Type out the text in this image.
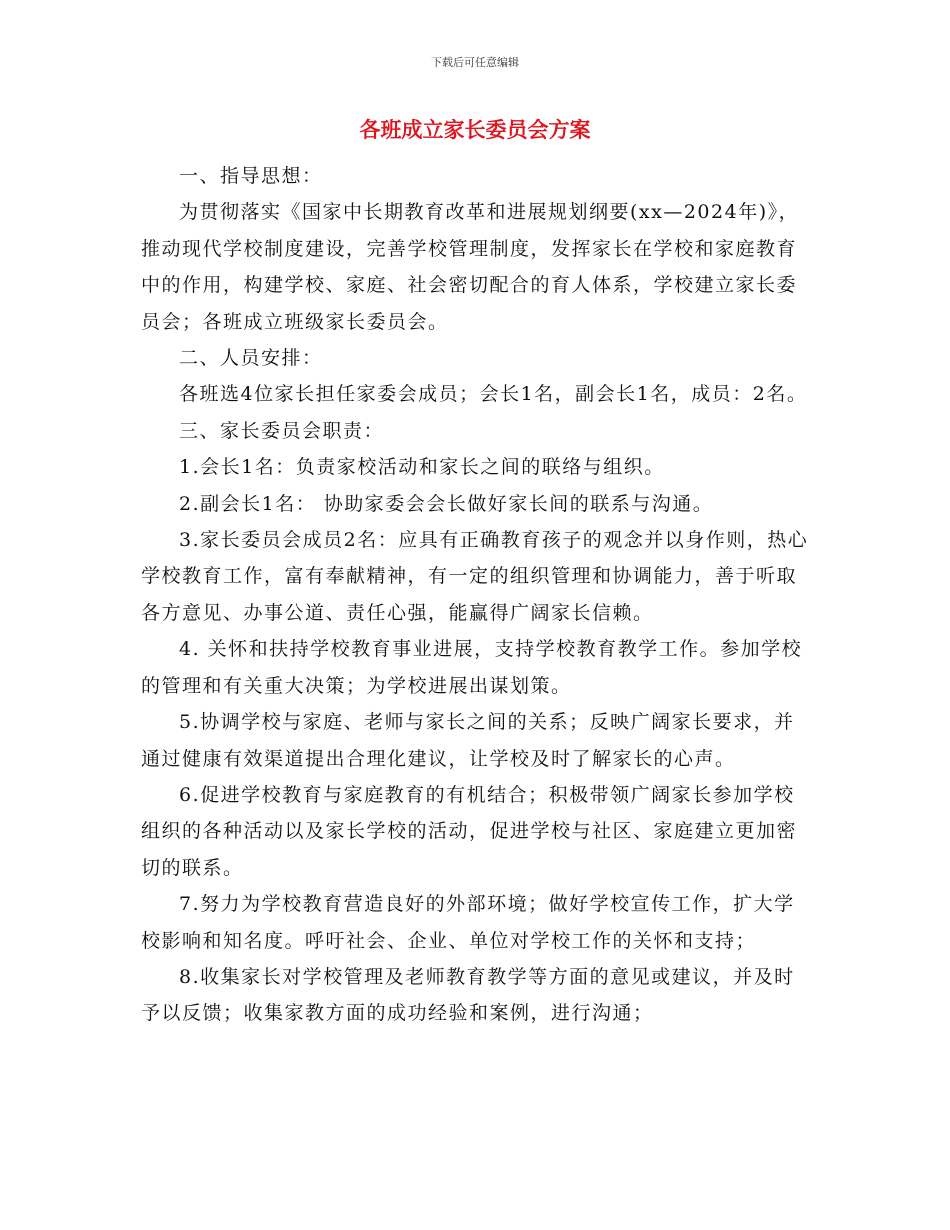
下载后可任意编辑
各班成立家长委员会方案

一、指导思想：

为贯彻落实《国家中长期教育改革和进展规划纲要(xx—2024年)》，推动现代学校制度建设，完善学校管理制度，发挥家长在学校和家庭教育中的作用，构建学校、家庭、社会密切配合的育人体系，学校建立家长委员会；各班成立班级家长委员会。

二、人员安排：

各班选4位家长担任家委会成员；会长1名，副会长1名，成员：2名。

三、家长委员会职责：

1.会长1名：负责家校活动和家长之间的联络与组织。

2.副会长1名： 协助家委会会长做好家长间的联系与沟通。

3.家长委员会成员2名：应具有正确教育孩子的观念并以身作则，热心学校教育工作，富有奉献精神，有一定的组织管理和协调能力，善于听取各方意见、办事公道、责任心强，能赢得广阔家长信赖。

4. 关怀和扶持学校教育事业进展，支持学校教育教学工作。参加学校的管理和有关重大决策；为学校进展出谋划策。

5.协调学校与家庭、老师与家长之间的关系；反映广阔家长要求，并通过健康有效渠道提出合理化建议，让学校及时了解家长的心声。

6.促进学校教育与家庭教育的有机结合；积极带领广阔家长参加学校组织的各种活动以及家长学校的活动，促进学校与社区、家庭建立更加密切的联系。

7.努力为学校教育营造良好的外部环境；做好学校宣传工作，扩大学校影响和知名度。呼吁社会、企业、单位对学校工作的关怀和支持；

8.收集家长对学校管理及老师教育教学等方面的意见或建议，并及时予以反馈；收集家教方面的成功经验和案例，进行沟通；
